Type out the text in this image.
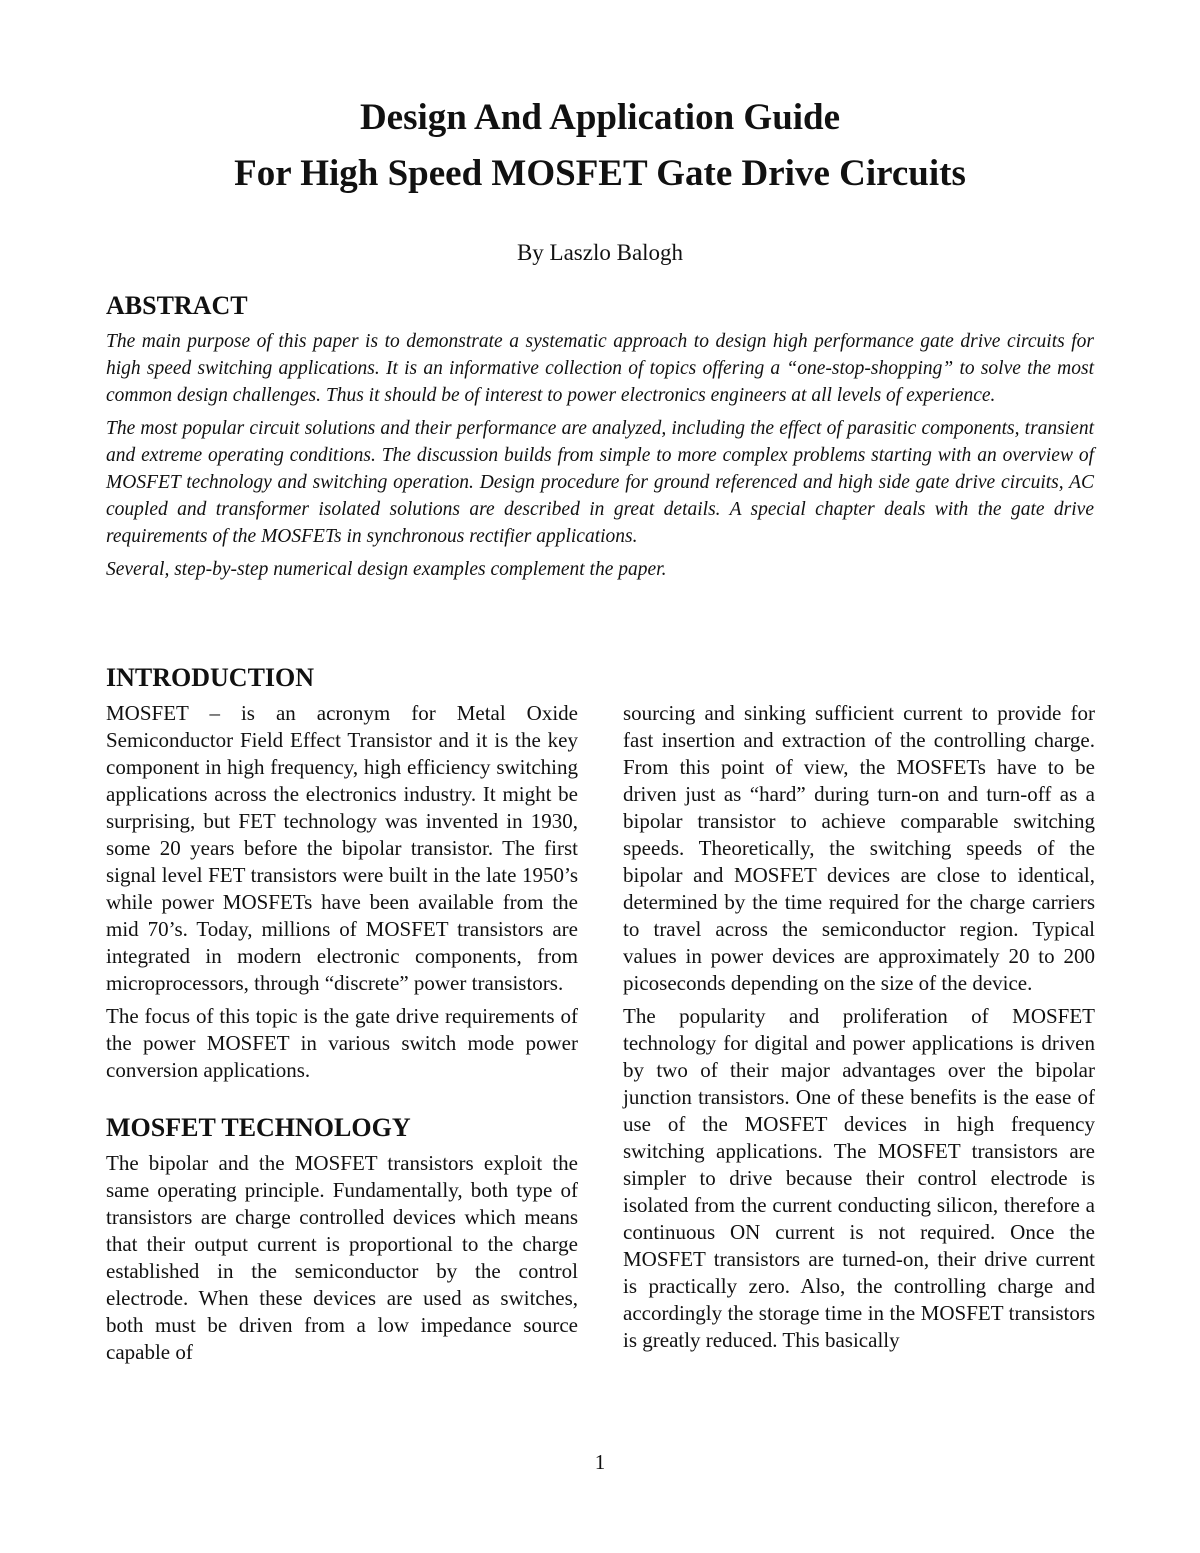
Design And Application Guide
For High Speed MOSFET Gate Drive Circuits
By Laszlo Balogh
ABSTRACT

The main purpose of this paper is to demonstrate a systematic approach to design high performance gate drive circuits for high speed switching applications. It is an informative collection of topics offering a “one-stop-shopping” to solve the most common design challenges. Thus it should be of interest to power electronics engineers at all levels of experience.

The most popular circuit solutions and their performance are analyzed, including the effect of parasitic components, transient and extreme operating conditions. The discussion builds from simple to more complex problems starting with an overview of MOSFET technology and switching operation. Design procedure for ground referenced and high side gate drive circuits, AC coupled and transformer isolated solutions are described in great details. A special chapter deals with the gate drive requirements of the MOSFETs in synchronous rectifier applications.

Several, step-by-step numerical design examples complement the paper.

INTRODUCTION

MOSFET – is an acronym for Metal Oxide Semiconductor Field Effect Transistor and it is the key component in high frequency, high efficiency switching applications across the electronics industry. It might be surprising, but FET technology was invented in 1930, some 20 years before the bipolar transistor. The first signal level FET transistors were built in the late 1950’s while power MOSFETs have been available from the mid 70’s. Today, millions of MOSFET transistors are integrated in modern electronic components, from microprocessors, through “discrete” power transistors.

The focus of this topic is the gate drive requirements of the power MOSFET in various switch mode power conversion applications.

MOSFET TECHNOLOGY

The bipolar and the MOSFET transistors exploit the same operating principle. Fundamentally, both type of transistors are charge controlled devices which means that their output current is proportional to the charge established in the semiconductor by the control electrode. When these devices are used as switches, both must be driven from a low impedance source capable of

sourcing and sinking sufficient current to provide for fast insertion and extraction of the controlling charge. From this point of view, the MOSFETs have to be driven just as “hard” during turn-on and turn-off as a bipolar transistor to achieve comparable switching speeds. Theoretically, the switching speeds of the bipolar and MOSFET devices are close to identical, determined by the time required for the charge carriers to travel across the semiconductor region. Typical values in power devices are approximately 20 to 200 picoseconds depending on the size of the device.

The popularity and proliferation of MOSFET technology for digital and power applications is driven by two of their major advantages over the bipolar junction transistors. One of these benefits is the ease of use of the MOSFET devices in high frequency switching applications. The MOSFET transistors are simpler to drive because their control electrode is isolated from the current conducting silicon, therefore a continuous ON current is not required. Once the MOSFET transistors are turned-on, their drive current is practically zero. Also, the controlling charge and accordingly the storage time in the MOSFET transistors is greatly reduced. This basically

1
